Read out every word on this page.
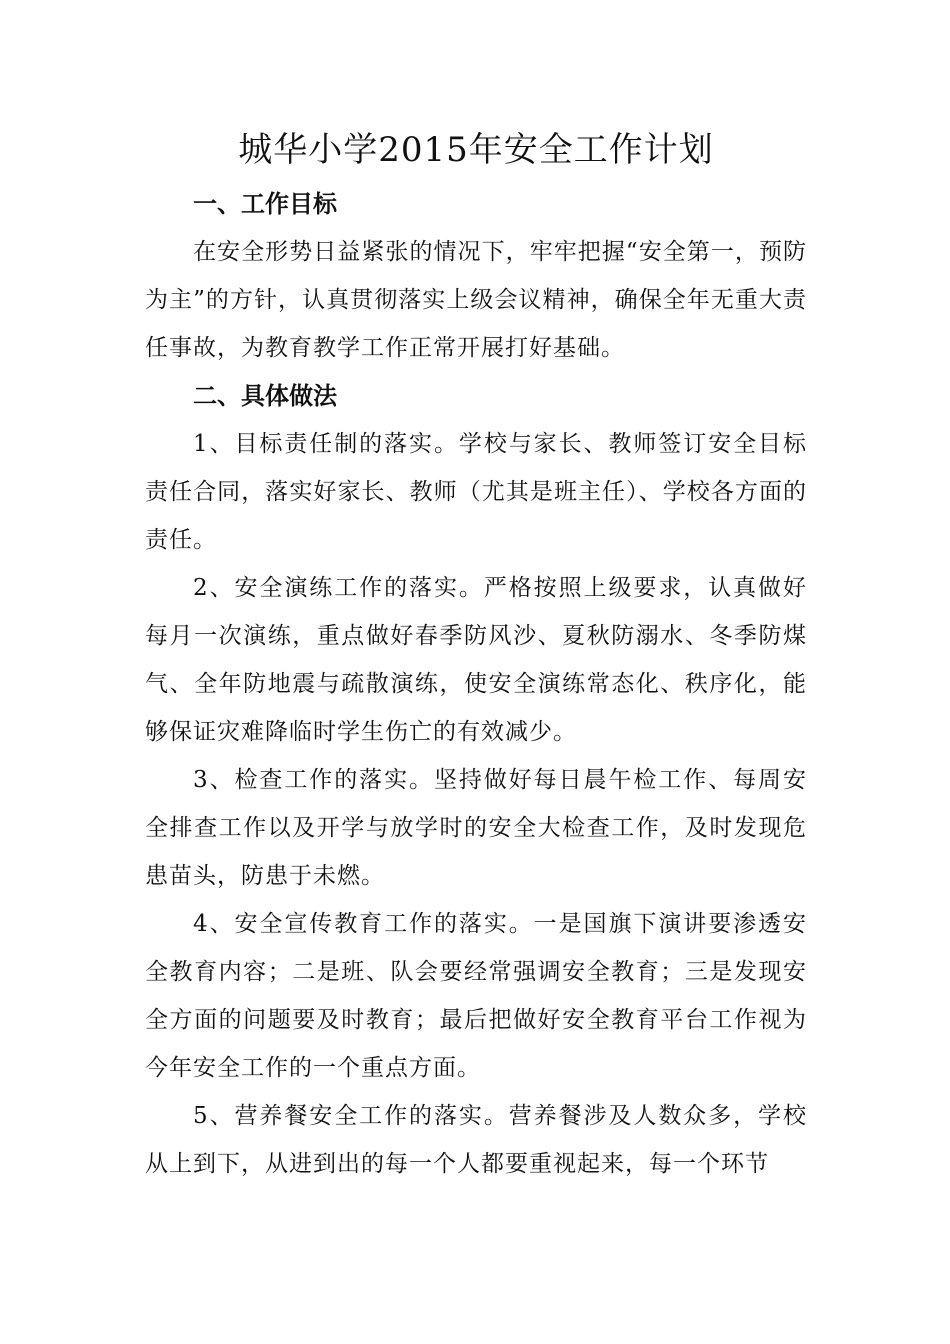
城华小学2015年安全工作计划

一、工作目标

在安全形势日益紧张的情况下，牢牢把握“安全第一，预防为主”的方针，认真贯彻落实上级会议精神，确保全年无重大责任事故，为教育教学工作正常开展打好基础。

二、具体做法

1、目标责任制的落实。学校与家长、教师签订安全目标责任合同，落实好家长、教师（尤其是班主任）、学校各方面的责任。

2、安全演练工作的落实。严格按照上级要求，认真做好每月一次演练，重点做好春季防风沙、夏秋防溺水、冬季防煤气、全年防地震与疏散演练，使安全演练常态化、秩序化，能够保证灾难降临时学生伤亡的有效减少。

3、检查工作的落实。坚持做好每日晨午检工作、每周安全排查工作以及开学与放学时的安全大检查工作，及时发现危患苗头，防患于未燃。

4、安全宣传教育工作的落实。一是国旗下演讲要渗透安全教育内容；二是班、队会要经常强调安全教育；三是发现安全方面的问题要及时教育；最后把做好安全教育平台工作视为今年安全工作的一个重点方面。

5、营养餐安全工作的落实。营养餐涉及人数众多，学校从上到下，从进到出的每一个人都要重视起来，每一个环节
